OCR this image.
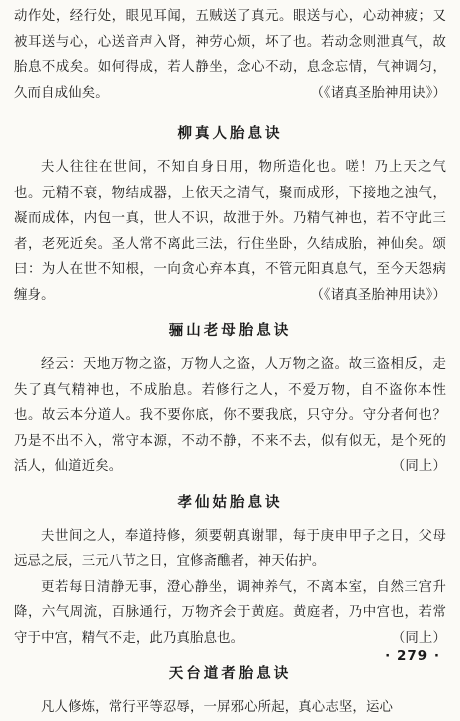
动作处，经行处，眼见耳闻，五贼送了真元。眼送与心，心动神疲；又被耳送与心，心送音声入肾，神劳心烦，坏了也。若动念则泄真气，故胎息不成矣。如何得成，若人静坐，念心不动，息念忘情，气神调匀，久而自成仙矣。	（《诸真圣胎神用诀》）

柳真人胎息诀

夫人往往在世间，不知自身日用，物所造化也。嗟！乃上天之气也。元精不衰，物结成器，上依天之清气，聚而成形，下接地之浊气，凝而成体，内包一真，世人不识，故泄于外。乃精气神也，若不守此三者，老死近矣。圣人常不离此三法，行住坐卧，久结成胎，神仙矣。颂曰：为人在世不知根，一向贪心弃本真，不管元阳真息气，至今天怨病缠身。	（《诸真圣胎神用诀》）

骊山老母胎息诀

经云：天地万物之盗，万物人之盗，人万物之盗。故三盗相反，走失了真气精神也，不成胎息。若修行之人，不爱万物，自不盗你本性也。故云本分道人。我不要你底，你不要我底，只守分。守分者何也？乃是不出不入，常守本源，不动不静，不来不去，似有似无，是个死的活人，仙道近矣。	（同上）

孝仙姑胎息诀

夫世间之人，奉道持修，须要朝真谢罪，每于庚申甲子之日，父母远忌之辰，三元八节之日，宜修斋醮者，神天佑护。

更若每日清静无事，澄心静坐，调神养气，不离本室，自然三宫升降，六气周流，百脉通行，万物齐会于黄庭。黄庭者，乃中宫也，若常守于中宫，精气不走，此乃真胎息也。	（同上）

天台道者胎息诀

凡人修炼，常行平等忍辱，一屏邪心所起，真心志坚，运心

· 279 ·
